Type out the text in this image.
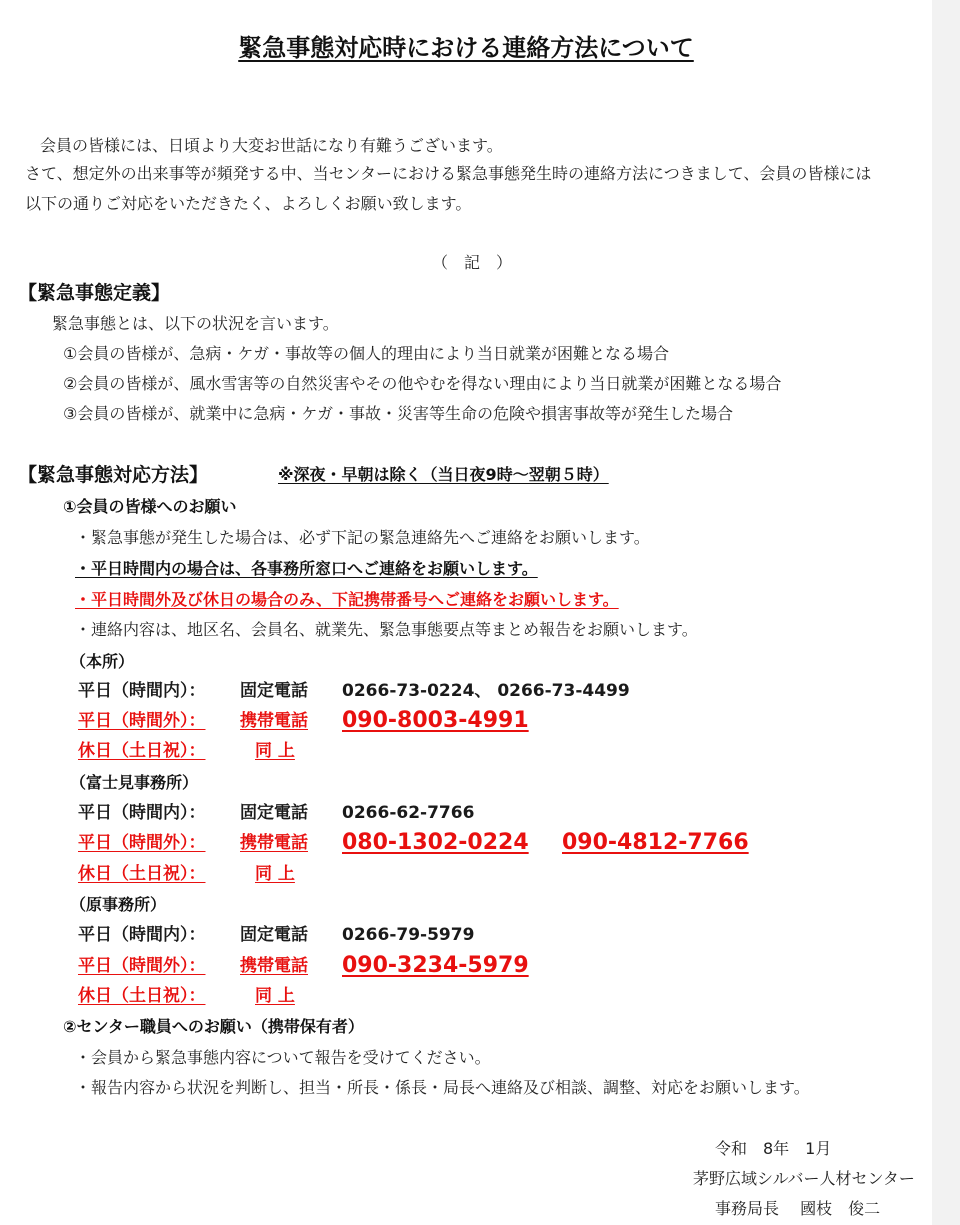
緊急事態対応時における連絡方法について
会員の皆様には、日頃より大変お世話になり有難うございます。
さて、想定外の出来事等が頻発する中、当センターにおける緊急事態発生時の連絡方法につきまして、会員の皆様には
以下の通りご対応をいただきたく、よろしくお願い致します。
（　記　）
【緊急事態定義】
緊急事態とは、以下の状況を言います。
①会員の皆様が、急病・ケガ・事故等の個人的理由により当日就業が困難となる場合
②会員の皆様が、風水雪害等の自然災害やその他やむを得ない理由により当日就業が困難となる場合
③会員の皆様が、就業中に急病・ケガ・事故・災害等生命の危険や損害事故等が発生した場合
【緊急事態対応方法】	※深夜・早朝は除く（当日夜9時～翌朝５時）
①会員の皆様へのお願い
・緊急事態が発生した場合は、必ず下記の緊急連絡先へご連絡をお願いします。
・平日時間内の場合は、各事務所窓口へご連絡をお願いします。
・平日時間外及び休日の場合のみ、下記携帯番号へご連絡をお願いします。
・連絡内容は、地区名、会員名、就業先、緊急事態要点等まとめ報告をお願いします。
（本所）
平日（時間内）： 固定電話 0266-73-0224、 0266-73-4499
平日（時間外）： 携帯電話 090-8003-4991
休日（土日祝）：	同 上
（富士見事務所）
平日（時間内）： 固定電話 0266-62-7766
平日（時間外）： 携帯電話 080-1302-0224 090-4812-7766
休日（土日祝）：	同 上
（原事務所）
平日（時間内）： 固定電話 0266-79-5979
平日（時間外）： 携帯電話 090-3234-5979
休日（土日祝）：	同 上
②センター職員へのお願い（携帯保有者）
・会員から緊急事態内容について報告を受けてください。
・報告内容から状況を判断し、担当・所長・係長・局長へ連絡及び相談、調整、対応をお願いします。
令和　8年　1月
茅野広域シルバー人材センター
事務局長　 國枝　俊二
